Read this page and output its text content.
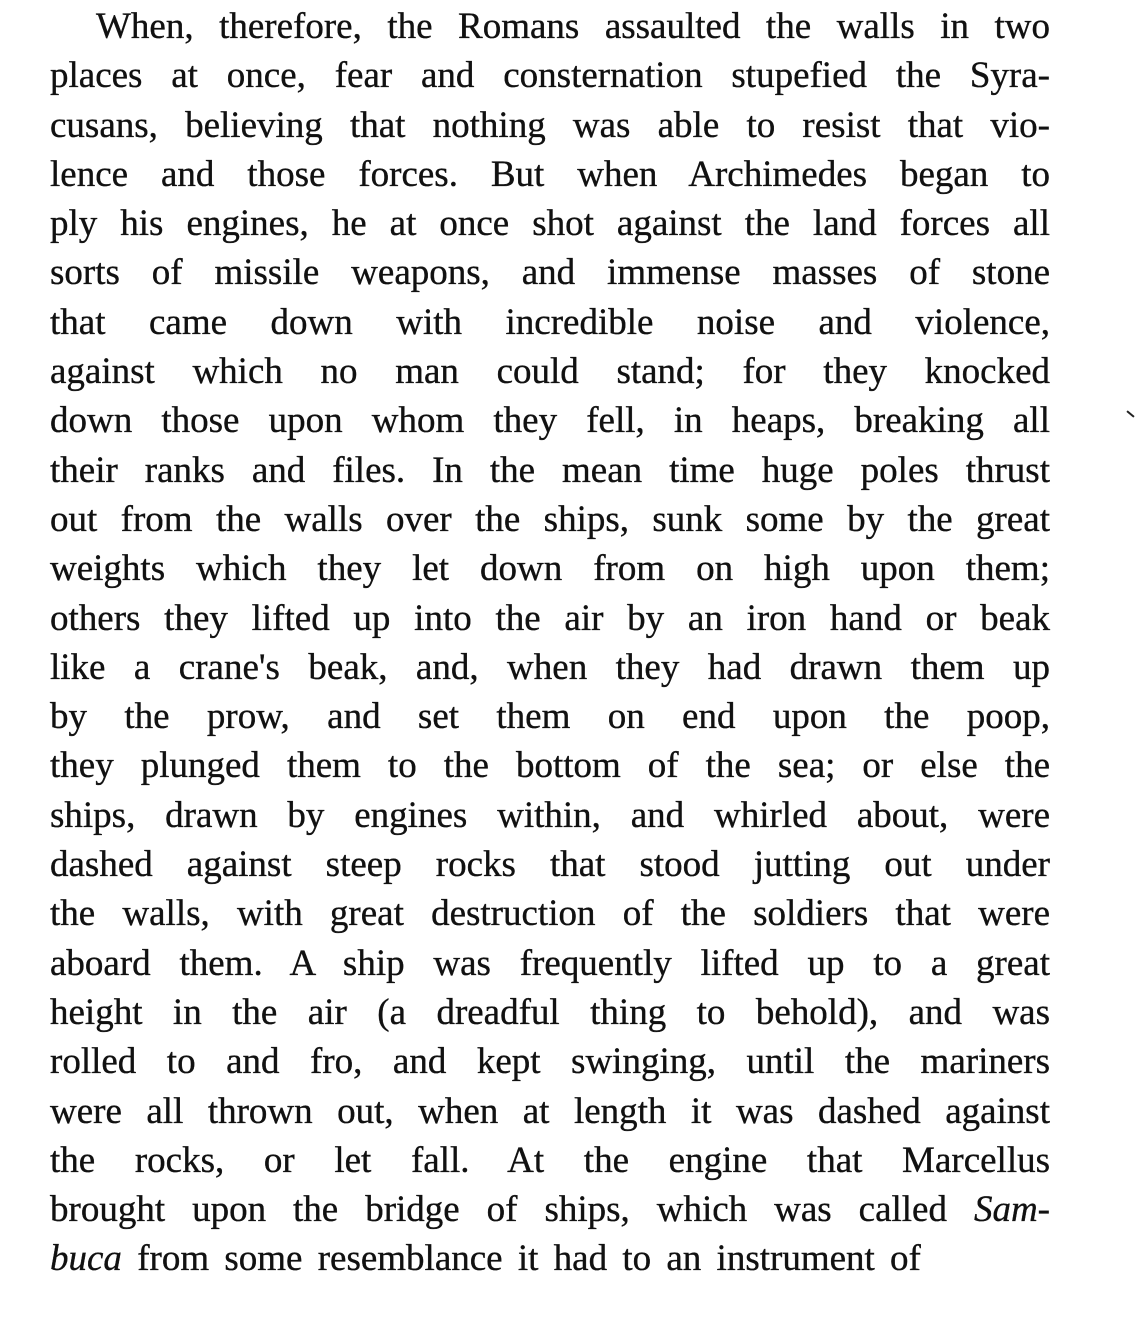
When, therefore, the Romans assaulted the walls in two
places at once, fear and consternation stupefied the Syra-
cusans, believing that nothing was able to resist that vio-
lence and those forces. But when Archimedes began to
ply his engines, he at once shot against the land forces all
sorts of missile weapons, and immense masses of stone
that came down with incredible noise and violence,
against which no man could stand; for they knocked
down those upon whom they fell, in heaps, breaking all
their ranks and files. In the mean time huge poles thrust
out from the walls over the ships, sunk some by the great
weights which they let down from on high upon them;
others they lifted up into the air by an iron hand or beak
like a crane's beak, and, when they had drawn them up
by the prow, and set them on end upon the poop,
they plunged them to the bottom of the sea; or else the
ships, drawn by engines within, and whirled about, were
dashed against steep rocks that stood jutting out under
the walls, with great destruction of the soldiers that were
aboard them. A ship was frequently lifted up to a great
height in the air (a dreadful thing to behold), and was
rolled to and fro, and kept swinging, until the mariners
were all thrown out, when at length it was dashed against
the rocks, or let fall. At the engine that Marcellus
brought upon the bridge of ships, which was called Sam-
buca from some resemblance it had to an instrument of
